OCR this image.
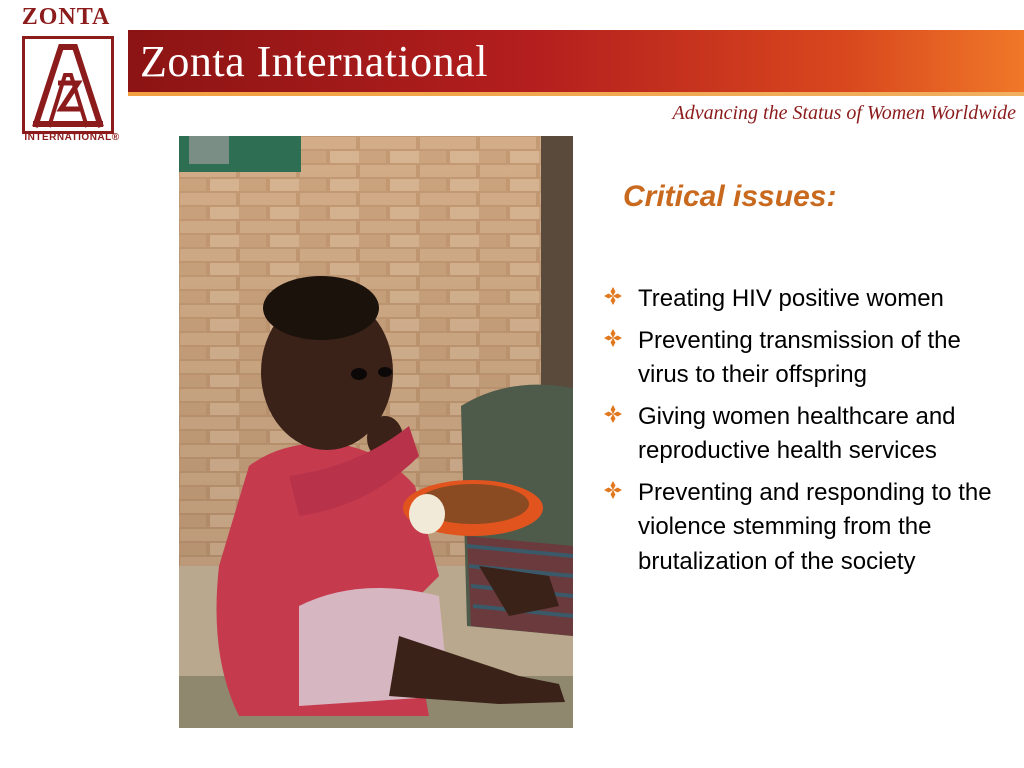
Zonta International
Advancing the Status of Women Worldwide
ZONTA
INTERNATIONAL®
Critical issues:
Treating HIV positive women
Preventing transmission of the virus to their offspring
Giving women healthcare and reproductive health services
Preventing and responding to the violence stemming from the brutalization of the society
